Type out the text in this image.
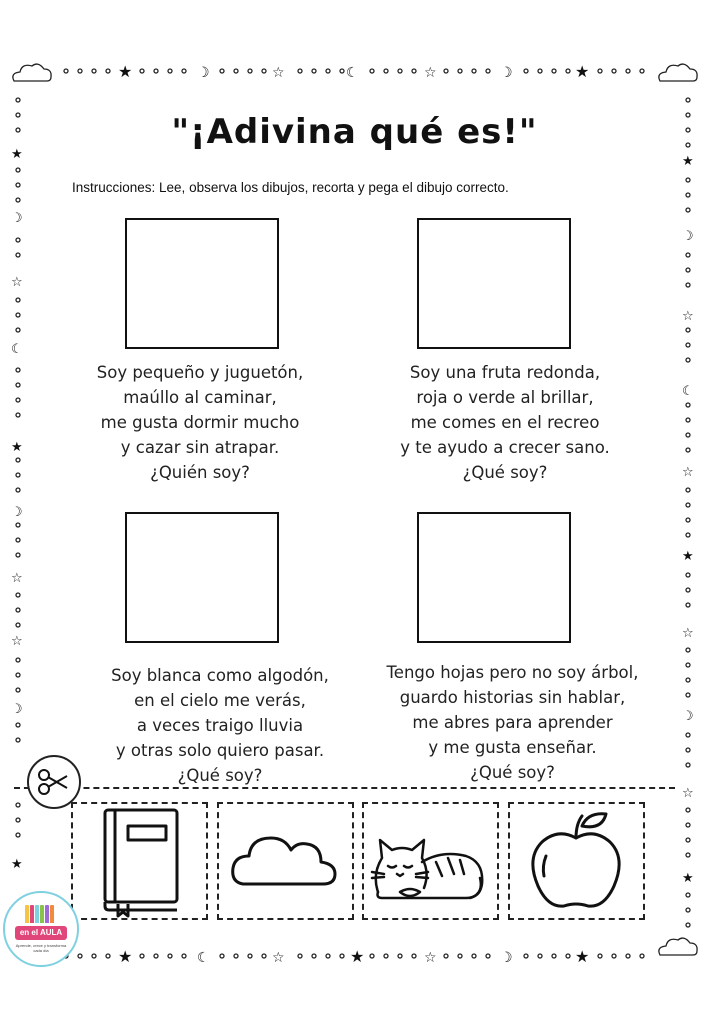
★	★
★	★	★
★
★
★
★
★
★
☾
☾
☾
☽	☆	☆	☽
☾	☆	☆	☽
☽
☆
☽
☆
☆
☽
☽
☆
☆
☆
☽
☆
"¡Adivina qué es!"
Instrucciones: Lee, observa los dibujos, recorta y pega el dibujo correcto.
Soy pequeño y juguetón,
maúllo al caminar,
me gusta dormir mucho
y cazar sin atrapar.
¿Quién soy?
Soy una fruta redonda,
roja o verde al brillar,
me comes en el recreo
y te ayudo a crecer sano.
¿Qué soy?
Soy blanca como algodón,
en el cielo me verás,
a veces traigo lluvia
y otras solo quiero pasar.
¿Qué soy?
Tengo hojas pero no soy árbol,
guardo historias sin hablar,
me abres para aprender
y me gusta enseñar.
¿Qué soy?
en el AULA
Aprende, crece y transforma cada día
